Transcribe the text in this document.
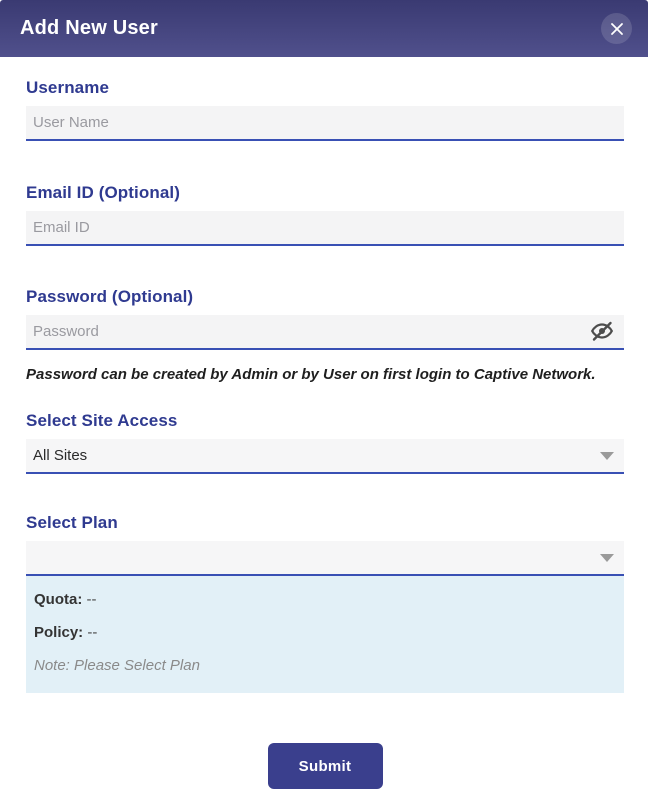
Add New User
Username
User Name
Email ID (Optional)
Email ID
Password (Optional)
Password can be created by Admin or by User on first login to Captive Network.
Select Site Access
All Sites
Select Plan
Quota: --
Policy: --
Note: Please Select Plan
Submit
